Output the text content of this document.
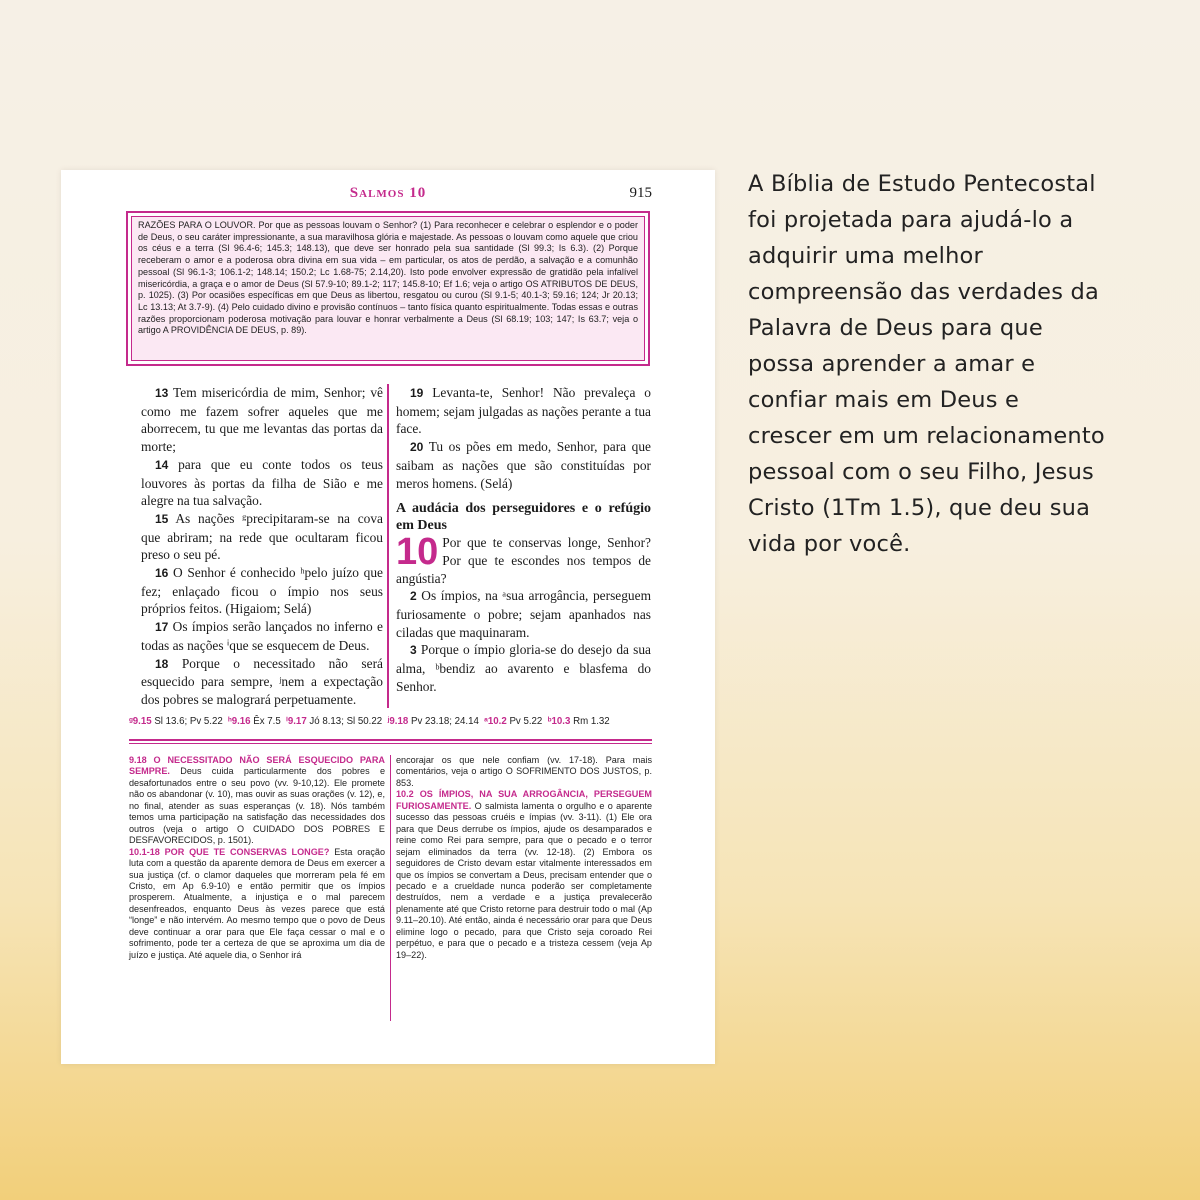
Salmos 10	915
RAZÕES PARA O LOUVOR. Por que as pessoas louvam o Senhor? (1) Para reconhecer e celebrar o esplendor e o poder de Deus, o seu caráter impressionante, a sua maravilhosa glória e majestade. As pessoas o louvam como aquele que criou os céus e a terra (Sl 96.4-6; 145.3; 148.13), que deve ser honrado pela sua santidade (Sl 99.3; Is 6.3). (2) Porque receberam o amor e a poderosa obra divina em sua vida – em particular, os atos de perdão, a salvação e a comunhão pessoal (Sl 96.1-3; 106.1-2; 148.14; 150.2; Lc 1.68-75; 2.14,20). Isto pode envolver expressão de gratidão pela infalível misericórdia, a graça e o amor de Deus (Sl 57.9-10; 89.1-2; 117; 145.8-10; Ef 1.6; veja o artigo OS ATRIBUTOS DE DEUS, p. 1025). (3) Por ocasiões específicas em que Deus as libertou, resgatou ou curou (Sl 9.1-5; 40.1-3; 59.16; 124; Jr 20.13; Lc 13.13; At 3.7-9). (4) Pelo cuidado divino e provisão contínuos – tanto física quanto espiritualmente. Todas essas e outras razões proporcionam poderosa motivação para louvar e honrar verbalmente a Deus (Sl 68.19; 103; 147; Is 63.7; veja o artigo A PROVIDÊNCIA DE DEUS, p. 89).

13 Tem misericórdia de mim, Senhor; vê como me fazem sofrer aqueles que me aborrecem, tu que me levantas das portas da morte;

14 para que eu conte todos os teus louvores às portas da filha de Sião e me alegre na tua salvação.

15 As nações ᵍprecipitaram-se na cova que abriram; na rede que ocultaram ficou preso o seu pé.

16 O Senhor é conhecido ʰpelo juízo que fez; enlaçado ficou o ímpio nos seus próprios feitos. (Higaiom; Selá)

17 Os ímpios serão lançados no inferno e todas as nações ⁱque se esquecem de Deus.

18 Porque o necessitado não será esquecido para sempre, ʲnem a expectação dos pobres se malogrará perpetuamente.

19 Levanta-te, Senhor! Não prevaleça o homem; sejam julgadas as nações perante a tua face.

20 Tu os pões em medo, Senhor, para que saibam as nações que são constituídas por meros homens. (Selá)

A audácia dos perseguidores e o refúgio em Deus

10 Por que te conservas longe, Senhor? Por que te escondes nos tempos de angústia?

2 Os ímpios, na ᵃsua arrogância, perseguem furiosamente o pobre; sejam apanhados nas ciladas que maquinaram.

3 Porque o ímpio gloria-se do desejo da sua alma, ᵇbendiz ao avarento e blasfema do Senhor.

ᵍ9.15 Sl 13.6; Pv 5.22 ʰ9.16 Êx 7.5 ⁱ9.17 Jó 8.13; Sl 50.22 ʲ9.18 Pv 23.18; 24.14 ᵃ10.2 Pv 5.22 ᵇ10.3 Rm 1.32
9.18 O NECESSITADO NÃO SERÁ ESQUECIDO PARA SEMPRE. Deus cuida particularmente dos pobres e desafortunados entre o seu povo (vv. 9-10,12). Ele promete não os abandonar (v. 10), mas ouvir as suas orações (v. 12), e, no final, atender as suas esperanças (v. 18). Nós também temos uma participação na satisfação das necessidades dos outros (veja o artigo O CUIDADO DOS POBRES E DESFAVORECIDOS, p. 1501).
10.1-18 POR QUE TE CONSERVAS LONGE? Esta oração luta com a questão da aparente demora de Deus em exercer a sua justiça (cf. o clamor daqueles que morreram pela fé em Cristo, em Ap 6.9-10) e então permitir que os ímpios prosperem. Atualmente, a injustiça e o mal parecem desenfreados, enquanto Deus às vezes parece que está “longe” e não intervém. Ao mesmo tempo que o povo de Deus deve continuar a orar para que Ele faça cessar o mal e o sofrimento, pode ter a certeza de que se aproxima um dia de juízo e justiça. Até aquele dia, o Senhor irá
encorajar os que nele confiam (vv. 17-18). Para mais comentários, veja o artigo O SOFRIMENTO DOS JUSTOS, p. 853.
10.2 OS ÍMPIOS, NA SUA ARROGÂNCIA, PERSEGUEM FURIOSAMENTE. O salmista lamenta o orgulho e o aparente sucesso das pessoas cruéis e ímpias (vv. 3-11). (1) Ele ora para que Deus derrube os ímpios, ajude os desamparados e reine como Rei para sempre, para que o pecado e o terror sejam eliminados da terra (vv. 12-18). (2) Embora os seguidores de Cristo devam estar vitalmente interessados em que os ímpios se convertam a Deus, precisam entender que o pecado e a crueldade nunca poderão ser completamente destruídos, nem a verdade e a justiça prevalecerão plenamente até que Cristo retorne para destruir todo o mal (Ap 9.11–20.10). Até então, ainda é necessário orar para que Deus elimine logo o pecado, para que Cristo seja coroado Rei perpétuo, e para que o pecado e a tristeza cessem (veja Ap 19–22).
A Bíblia de Estudo Pentecostal
foi projetada para ajudá-lo a
adquirir uma melhor
compreensão das verdades da
Palavra de Deus para que
possa aprender a amar e
confiar mais em Deus e
crescer em um relacionamento
pessoal com o seu Filho, Jesus
Cristo (1Tm 1.5), que deu sua
vida por você.
